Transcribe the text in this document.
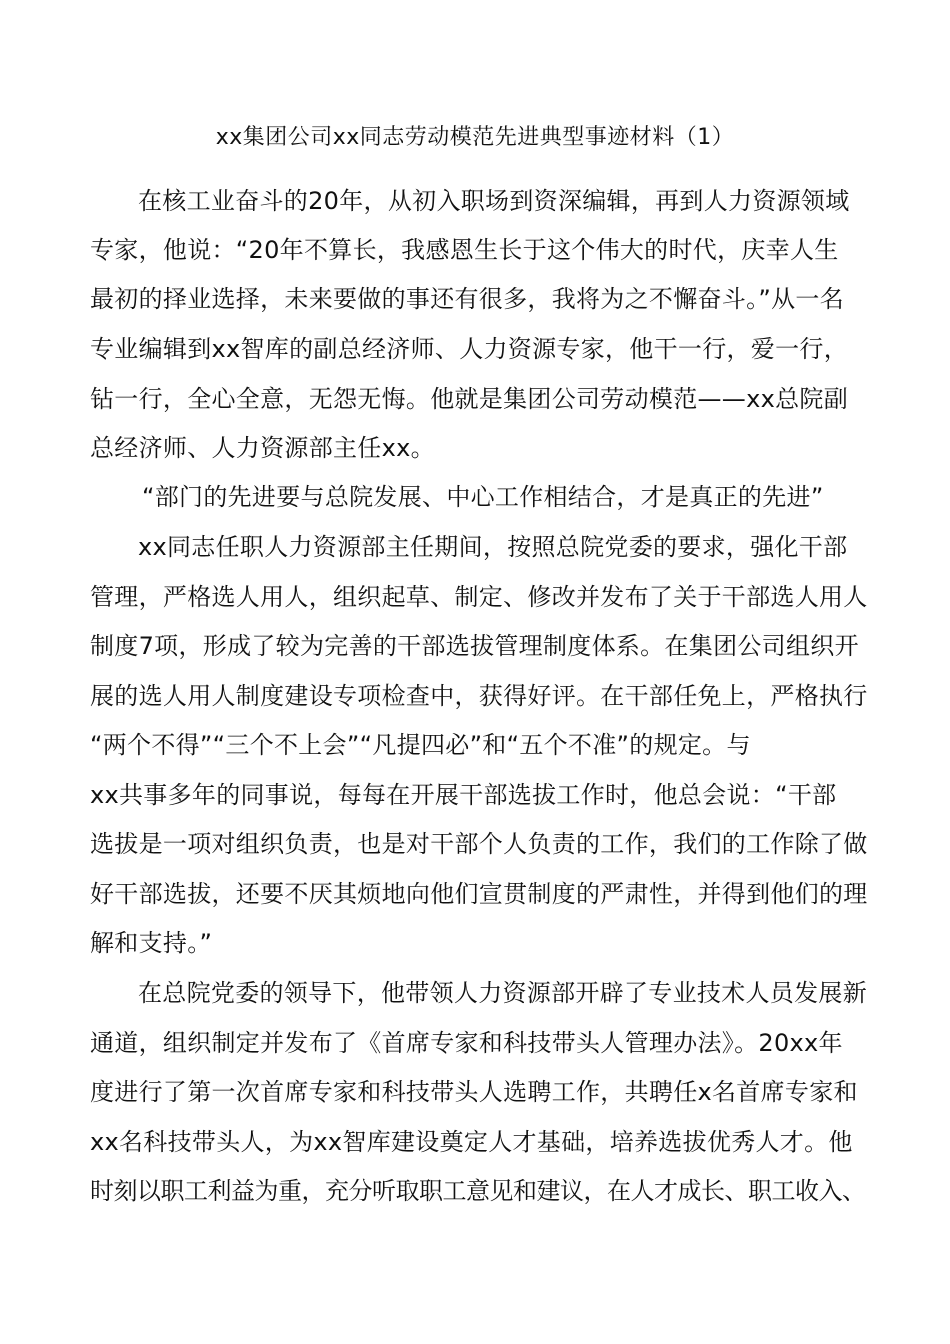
xx集团公司xx同志劳动模范先进典型事迹材料（1）
在核工业奋斗的20年，从初入职场到资深编辑，再到人力资源领域
专家，他说：“20年不算长，我感恩生长于这个伟大的时代，庆幸人生
最初的择业选择，未来要做的事还有很多，我将为之不懈奋斗。”从一名
专业编辑到xx智库的副总经济师、人力资源专家，他干一行，爱一行，
钻一行，全心全意，无怨无悔。他就是集团公司劳动模范——xx总院副
总经济师、人力资源部主任xx。
“部门的先进要与总院发展、中心工作相结合，才是真正的先进”
xx同志任职人力资源部主任期间，按照总院党委的要求，强化干部
管理，严格选人用人，组织起草、制定、修改并发布了关于干部选人用人
制度7项，形成了较为完善的干部选拔管理制度体系。在集团公司组织开
展的选人用人制度建设专项检查中，获得好评。在干部任免上，严格执行
“两个不得”“三个不上会”“凡提四必”和“五个不准”的规定。与
xx共事多年的同事说，每每在开展干部选拔工作时，他总会说：“干部
选拔是一项对组织负责，也是对干部个人负责的工作，我们的工作除了做
好干部选拔，还要不厌其烦地向他们宣贯制度的严肃性，并得到他们的理
解和支持。”
在总院党委的领导下，他带领人力资源部开辟了专业技术人员发展新
通道，组织制定并发布了《首席专家和科技带头人管理办法》。20xx年
度进行了第一次首席专家和科技带头人选聘工作，共聘任x名首席专家和
xx名科技带头人，为xx智库建设奠定人才基础，培养选拔优秀人才。他
时刻以职工利益为重，充分听取职工意见和建议，在人才成长、职工收入、
